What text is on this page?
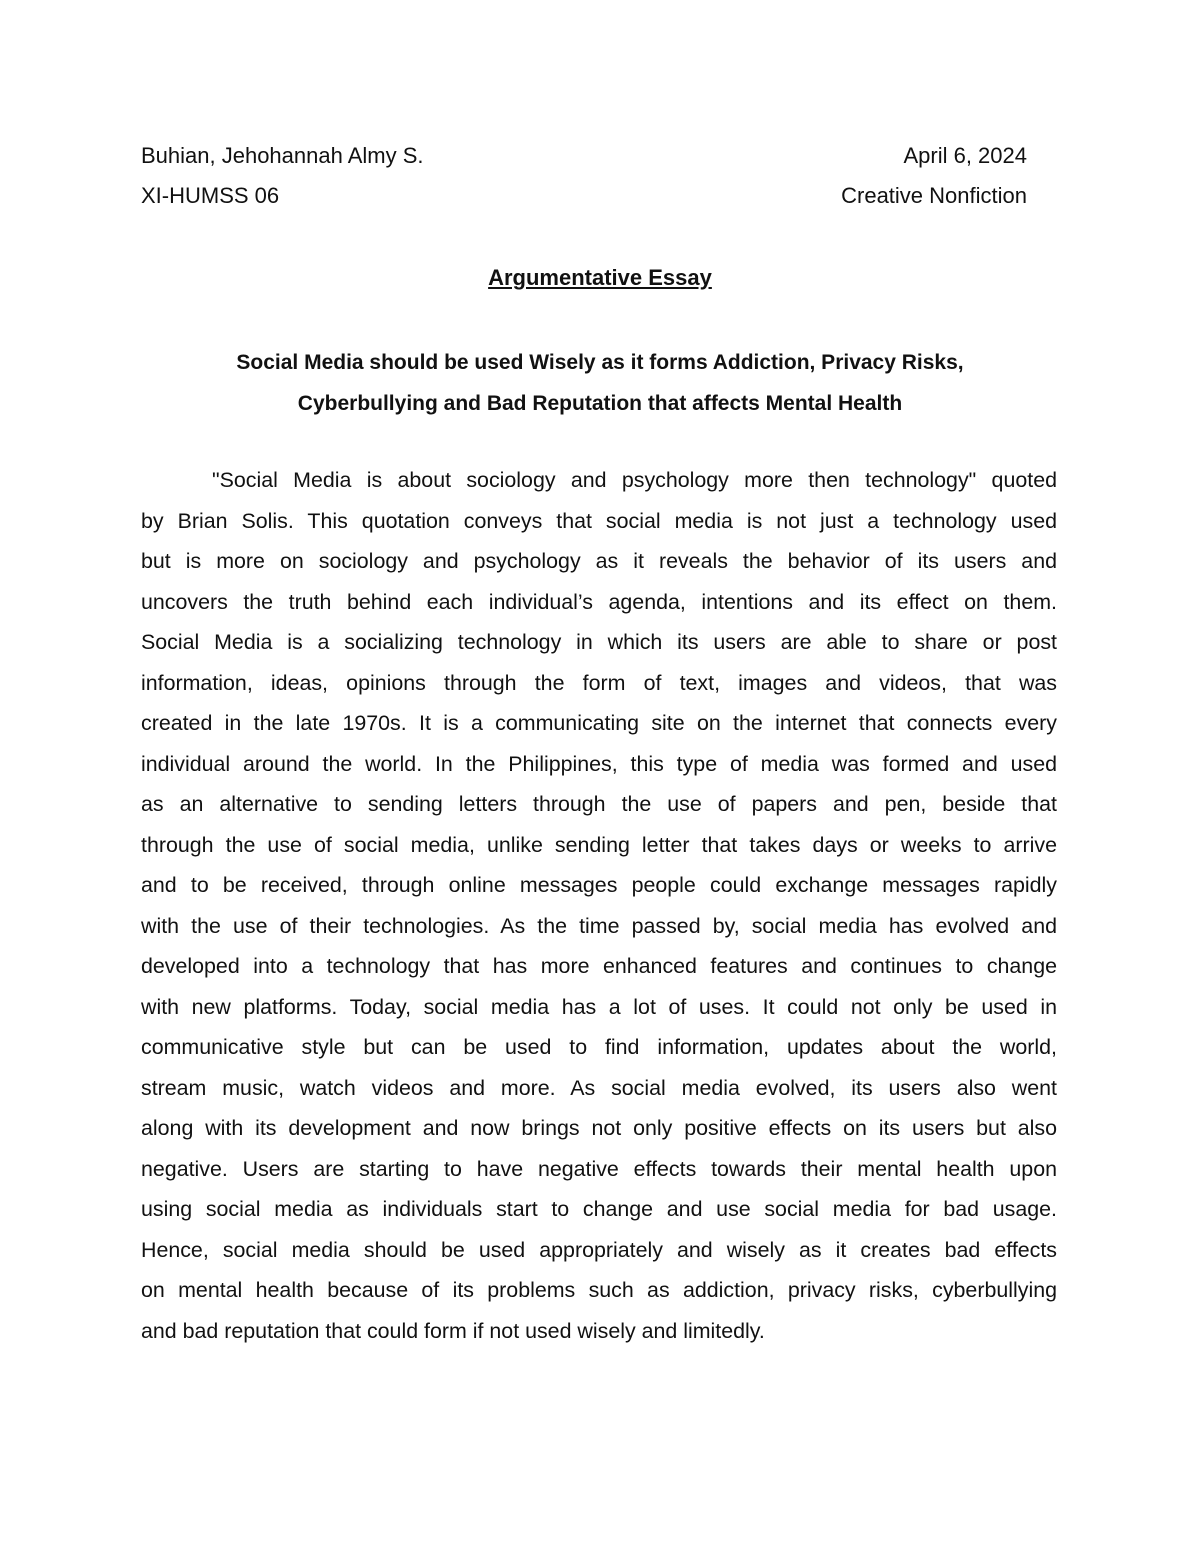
Buhian, Jehohannah Almy S.	April 6, 2024
XI-HUMSS 06	Creative Nonfiction
Argumentative Essay
Social Media should be used Wisely as it forms Addiction, Privacy Risks,
Cyberbullying and Bad Reputation that affects Mental Health
"Social Media is about sociology and psychology more then technology" quoted
by Brian Solis. This quotation conveys that social media is not just a technology used
but is more on sociology and psychology as it reveals the behavior of its users and
uncovers the truth behind each individual’s agenda, intentions and its effect on them.
Social Media is a socializing technology in which its users are able to share or post
information, ideas, opinions through the form of text, images and videos, that was
created in the late 1970s. It is a communicating site on the internet that connects every
individual around the world. In the Philippines, this type of media was formed and used
as an alternative to sending letters through the use of papers and pen, beside that
through the use of social media, unlike sending letter that takes days or weeks to arrive
and to be received, through online messages people could exchange messages rapidly
with the use of their technologies. As the time passed by, social media has evolved and
developed into a technology that has more enhanced features and continues to change
with new platforms. Today, social media has a lot of uses. It could not only be used in
communicative style but can be used to find information, updates about the world,
stream music, watch videos and more. As social media evolved, its users also went
along with its development and now brings not only positive effects on its users but also
negative. Users are starting to have negative effects towards their mental health upon
using social media as individuals start to change and use social media for bad usage.
Hence, social media should be used appropriately and wisely as it creates bad effects
on mental health because of its problems such as addiction, privacy risks, cyberbullying
and bad reputation that could form if not used wisely and limitedly.
